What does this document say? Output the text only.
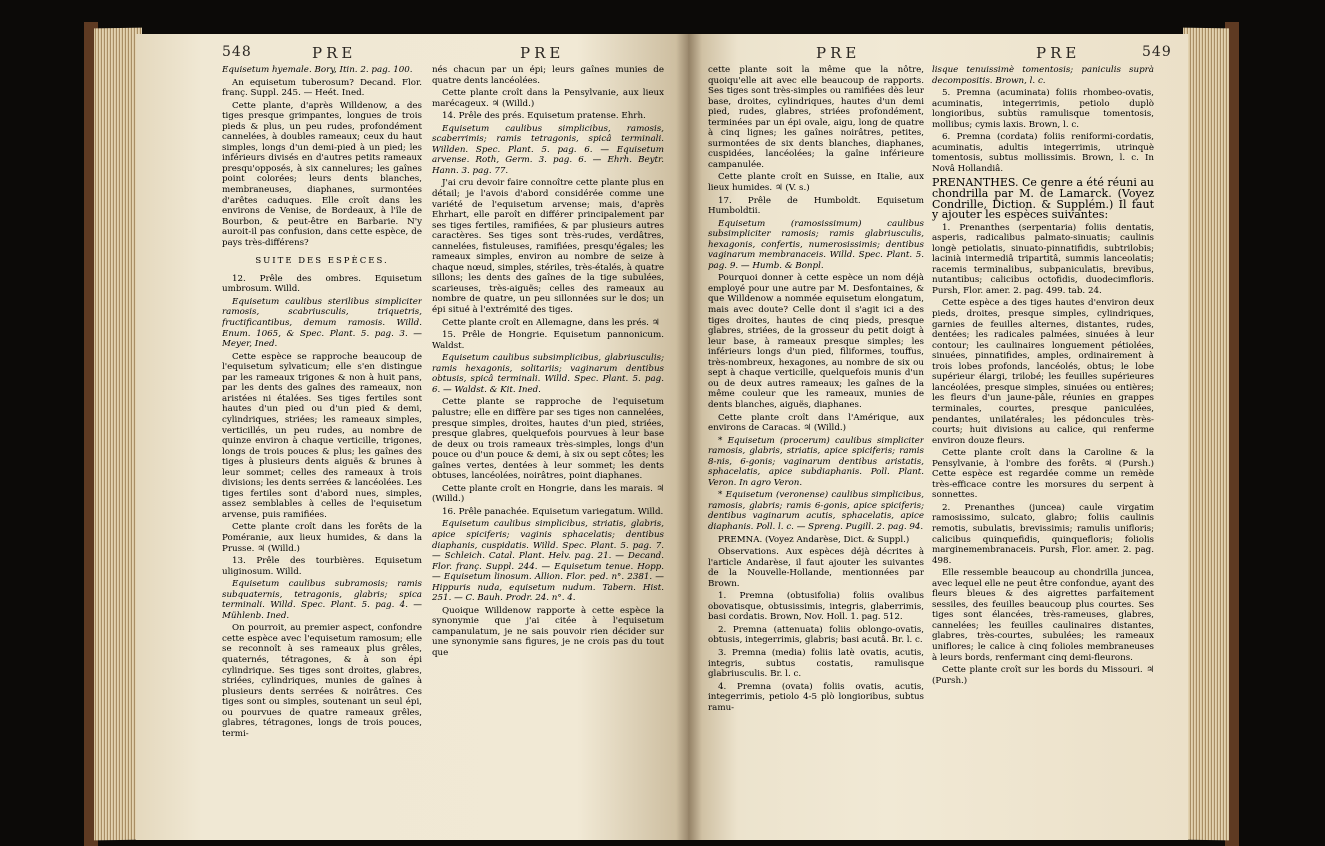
548	PRE	PRE	PRE	PRE	549

Equisetum hyemale. Bory, Itin. 2. pag. 100.

An equisetum tuberosum? Decand. Flor. franç. Suppl. 245. — Heét. Ined.

Cette plante, d'après Willdenow, a des tiges presque grimpantes, longues de trois pieds & plus, un peu rudes, profondément cannelées, à doubles rameaux; ceux du haut simples, longs d'un demi-pied à un pied; les inférieurs divisés en d'autres petits rameaux presqu'opposés, à six cannelures; les gaînes point colorées; leurs dents blanches, membraneuses, diaphanes, surmontées d'arêtes caduques. Elle croît dans les environs de Venise, de Bordeaux, à l'île de Bourbon, & peut-être en Barbarie. N'y auroit-il pas confusion, dans cette espèce, de pays très-différens?

SUITE DES ESPÈCES.

12. Prêle des ombres. Equisetum umbrosum. Willd.

Equisetum caulibus sterilibus simpliciter ramosis, scabriusculis, triquetris, fructificantibus, demum ramosis. Willd. Enum. 1065, & Spec. Plant. 5. pag. 3. — Meyer, Ined.

Cette espèce se rapproche beaucoup de l'equisetum sylvaticum; elle s'en distingue par les rameaux trigones & non à huit pans, par les dents des gaînes des rameaux, non aristées ni étalées. Ses tiges fertiles sont hautes d'un pied ou d'un pied & demi, cylindriques, striées; les rameaux simples, verticillés, un peu rudes, au nombre de quinze environ à chaque verticille, trigones, longs de trois pouces & plus; les gaînes des tiges à plusieurs dents aiguës & brunes à leur sommet; celles des rameaux à trois divisions; les dents serrées & lancéolées. Les tiges fertiles sont d'abord nues, simples, assez semblables à celles de l'equisetum arvense, puis ramifiées.

Cette plante croît dans les forêts de la Poméranie, aux lieux humides, & dans la Prusse. ♃ (Willd.)

13. Prêle des tourbières. Equisetum uliginosum. Willd.

Equisetum caulibus subramosis; ramis subquaternis, tetragonis, glabris; spica terminali. Willd. Spec. Plant. 5. pag. 4. — Mühlenb. Ined.

On pourroit, au premier aspect, confondre cette espèce avec l'equisetum ramosum; elle se reconnoît à ses rameaux plus grêles, quaternés, tétragones, & à son épi cylindrique. Ses tiges sont droites, glabres, striées, cylindriques, munies de gaînes à plusieurs dents serrées & noirâtres. Ces tiges sont ou simples, soutenant un seul épi, ou pourvues de quatre rameaux grêles, glabres, tétragones, longs de trois pouces, termi-

nés chacun par un épi; leurs gaînes munies de quatre dents lancéolées.

Cette plante croît dans la Pensylvanie, aux lieux marécageux. ♃ (Willd.)

14. Prêle des prés. Equisetum pratense. Ehrh.

Equisetum caulibus simplicibus, ramosis, scaberrimis; ramis tetragonis, spicâ terminali. Willden. Spec. Plant. 5. pag. 6. — Equisetum arvense. Roth, Germ. 3. pag. 6. — Ehrh. Beytr. Hann. 3. pag. 77.

J'ai cru devoir faire connoître cette plante plus en détail; je l'avois d'abord considérée comme une variété de l'equisetum arvense; mais, d'après Ehrhart, elle paroît en différer principalement par ses tiges fertiles, ramifiées, & par plusieurs autres caractères. Ses tiges sont très-rudes, verdâtres, cannelées, fistuleuses, ramifiées, presqu'égales; les rameaux simples, environ au nombre de seize à chaque nœud, simples, stériles, très-étalés, à quatre sillons; les dents des gaînes de la tige subulées, scarieuses, très-aiguës; celles des rameaux au nombre de quatre, un peu sillonnées sur le dos; un épi situé à l'extrémité des tiges.

Cette plante croît en Allemagne, dans les prés. ♃

15. Prêle de Hongrie. Equisetum pannonicum. Waldst.

Equisetum caulibus subsimplicibus, glabriusculis; ramis hexagonis, solitariis; vaginarum dentibus obtusis, spicâ terminali. Willd. Spec. Plant. 5. pag. 6. — Waldst. & Kit. Ined.

Cette plante se rapproche de l'equisetum palustre; elle en diffère par ses tiges non cannelées, presque simples, droites, hautes d'un pied, striées, presque glabres, quelquefois pourvues à leur base de deux ou trois rameaux très-simples, longs d'un pouce ou d'un pouce & demi, à six ou sept côtes; les gaînes vertes, dentées à leur sommet; les dents obtuses, lancéolées, noirâtres, point diaphanes.

Cette plante croît en Hongrie, dans les marais. ♃ (Willd.)

16. Prêle panachée. Equisetum variegatum. Willd.

Equisetum caulibus simplicibus, striatis, glabris, apice spiciferis; vaginis sphacelatis; dentibus diaphanis, cuspidatis. Willd. Spec. Plant. 5. pag. 7. — Schleich. Catal. Plant. Helv. pag. 21. — Decand. Flor. franç. Suppl. 244. — Equisetum tenue. Hopp. — Equisetum linosum. Allion. Flor. ped. n°. 2381. — Hippuris nuda, equisetum nudum. Tabern. Hist. 251. — C. Bauh. Prodr. 24. n°. 4.

Quoique Willdenow rapporte à cette espèce la synonymie que j'ai citée à l'equisetum campanulatum, je ne sais pouvoir rien décider sur une synonymie sans figures, je ne crois pas du tout que

cette plante soit la même que la nôtre, quoiqu'elle ait avec elle beaucoup de rapports. Ses tiges sont très-simples ou ramifiées dès leur base, droites, cylindriques, hautes d'un demi pied, rudes, glabres, striées profondément, terminées par un épi ovale, aigu, long de quatre à cinq lignes; les gaînes noirâtres, petites, surmontées de six dents blanches, diaphanes, cuspidées, lancéolées; la gaîne inférieure campanulée.

Cette plante croît en Suisse, en Italie, aux lieux humides. ♃ (V. s.)

17. Prêle de Humboldt. Equisetum Humboldtii.

Equisetum (ramosissimum) caulibus subsimpliciter ramosis; ramis glabriusculis, hexagonis, confertis, numerosissimis; dentibus vaginarum membranaceis. Willd. Spec. Plant. 5. pag. 9. — Humb. & Bonpl.

Pourquoi donner à cette espèce un nom déjà employé pour une autre par M. Desfontaines, & que Willdenow a nommée equisetum elongatum, mais avec doute? Celle dont il s'agit ici a des tiges droites, hautes de cinq pieds, presque glabres, striées, de la grosseur du petit doigt à leur base, à rameaux presque simples; les inférieurs longs d'un pied, filiformes, touffus, très-nombreux, hexagones, au nombre de six ou sept à chaque verticille, quelquefois munis d'un ou de deux autres rameaux; les gaînes de la même couleur que les rameaux, munies de dents blanches, aiguës, diaphanes.

Cette plante croît dans l'Amérique, aux environs de Caracas. ♃ (Willd.)

* Equisetum (procerum) caulibus simpliciter ramosis, glabris, striatis, apice spiciferis; ramis 8-nis, 6-gonis; vaginarum dentibus aristatis, sphacelatis, apice subdiaphanis. Poll. Plant. Veron. In agro Veron.

* Equisetum (veronense) caulibus simplicibus, ramosis, glabris; ramis 6-gonis, apice spiciferis; dentibus vaginarum acutis, sphacelatis, apice diaphanis. Poll. l. c. — Spreng. Pugill. 2. pag. 94.

PREMNA. (Voyez Andarèse, Dict. & Suppl.)

Observations. Aux espèces déjà décrites à l'article Andarèse, il faut ajouter les suivantes de la Nouvelle-Hollande, mentionnées par Brown.

1. Premna (obtusifolia) foliis ovalibus obovatisque, obtusissimis, integris, glaberrimis, basi cordatis. Brown, Nov. Holl. 1. pag. 512.

2. Premna (attenuata) foliis oblongo-ovatis, obtusis, integerrimis, glabris; basi acutâ. Br. l. c.

3. Premna (media) foliis latè ovatis, acutis, integris, subtus costatis, ramulisque glabriusculis. Br. l. c.

4. Premna (ovata) foliis ovatis, acutis, integerrimis, petiolo 4-5 plò longioribus, subtus ramu-

lisque tenuissimè tomentosis; paniculis suprà decompositis. Brown, l. c.

5. Premna (acuminata) foliis rhombeo-ovatis, acuminatis, integerrimis, petiolo duplò longioribus, subtùs ramulisque tomentosis, mollibus; cymis laxis. Brown, l. c.

6. Premna (cordata) foliis reniformi-cordatis, acuminatis, adultis integerrimis, utrinquè tomentosis, subtus mollissimis. Brown, l. c. In Novâ Hollandiâ.

PRENANTHES. Ce genre a été réuni au chondrilla par M. de Lamarck. (Voyez Condrille, Diction. & Supplém.) Il faut y ajouter les espèces suivantes:

1. Prenanthes (serpentaria) foliis dentatis, asperis, radicalibus palmato-sinuatis; caulinis longè petiolatis, sinuato-pinnatifidis, subtrilobis; lacinià intermediâ tripartitâ, summis lanceolatis; racemis terminalibus, subpaniculatis, brevibus, nutantibus; calicibus octofidis, duodecimfloris. Pursh, Flor. amer. 2. pag. 499. tab. 24.

Cette espèce a des tiges hautes d'environ deux pieds, droites, presque simples, cylindriques, garnies de feuilles alternes, distantes, rudes, dentées; les radicales palmées, sinuées à leur contour; les caulinaires longuement pétiolées, sinuées, pinnatifides, amples, ordinairement à trois lobes profonds, lancéolés, obtus; le lobe supérieur élargi, trilobé; les feuilles supérieures lancéolées, presque simples, sinuées ou entières; les fleurs d'un jaune-pâle, réunies en grappes terminales, courtes, presque paniculées, pendantes, unilatérales; les pédoncules très-courts; huit divisions au calice, qui renferme environ douze fleurs.

Cette plante croît dans la Caroline & la Pensylvanie, à l'ombre des forêts. ♃ (Pursh.) Cette espèce est regardée comme un remède très-efficace contre les morsures du serpent à sonnettes.

2. Prenanthes (juncea) caule virgatim ramosissimo, sulcato, glabro; foliis caulinis remotis, subulatis, brevissimis; ramulis unifloris; calicibus quinquefidis, quinquefloris; foliolis marginemembranaceis. Pursh, Flor. amer. 2. pag. 498.

Elle ressemble beaucoup au chondrilla juncea, avec lequel elle ne peut être confondue, ayant des fleurs bleues & des aigrettes parfaitement sessiles, des feuilles beaucoup plus courtes. Ses tiges sont élancées, très-rameuses, glabres, cannelées; les feuilles caulinaires distantes, glabres, très-courtes, subulées; les rameaux uniflores; le calice à cinq folioles membraneuses à leurs bords, renfermant cinq demi-fleurons.

Cette plante croît sur les bords du Missouri. ♃ (Pursh.)
